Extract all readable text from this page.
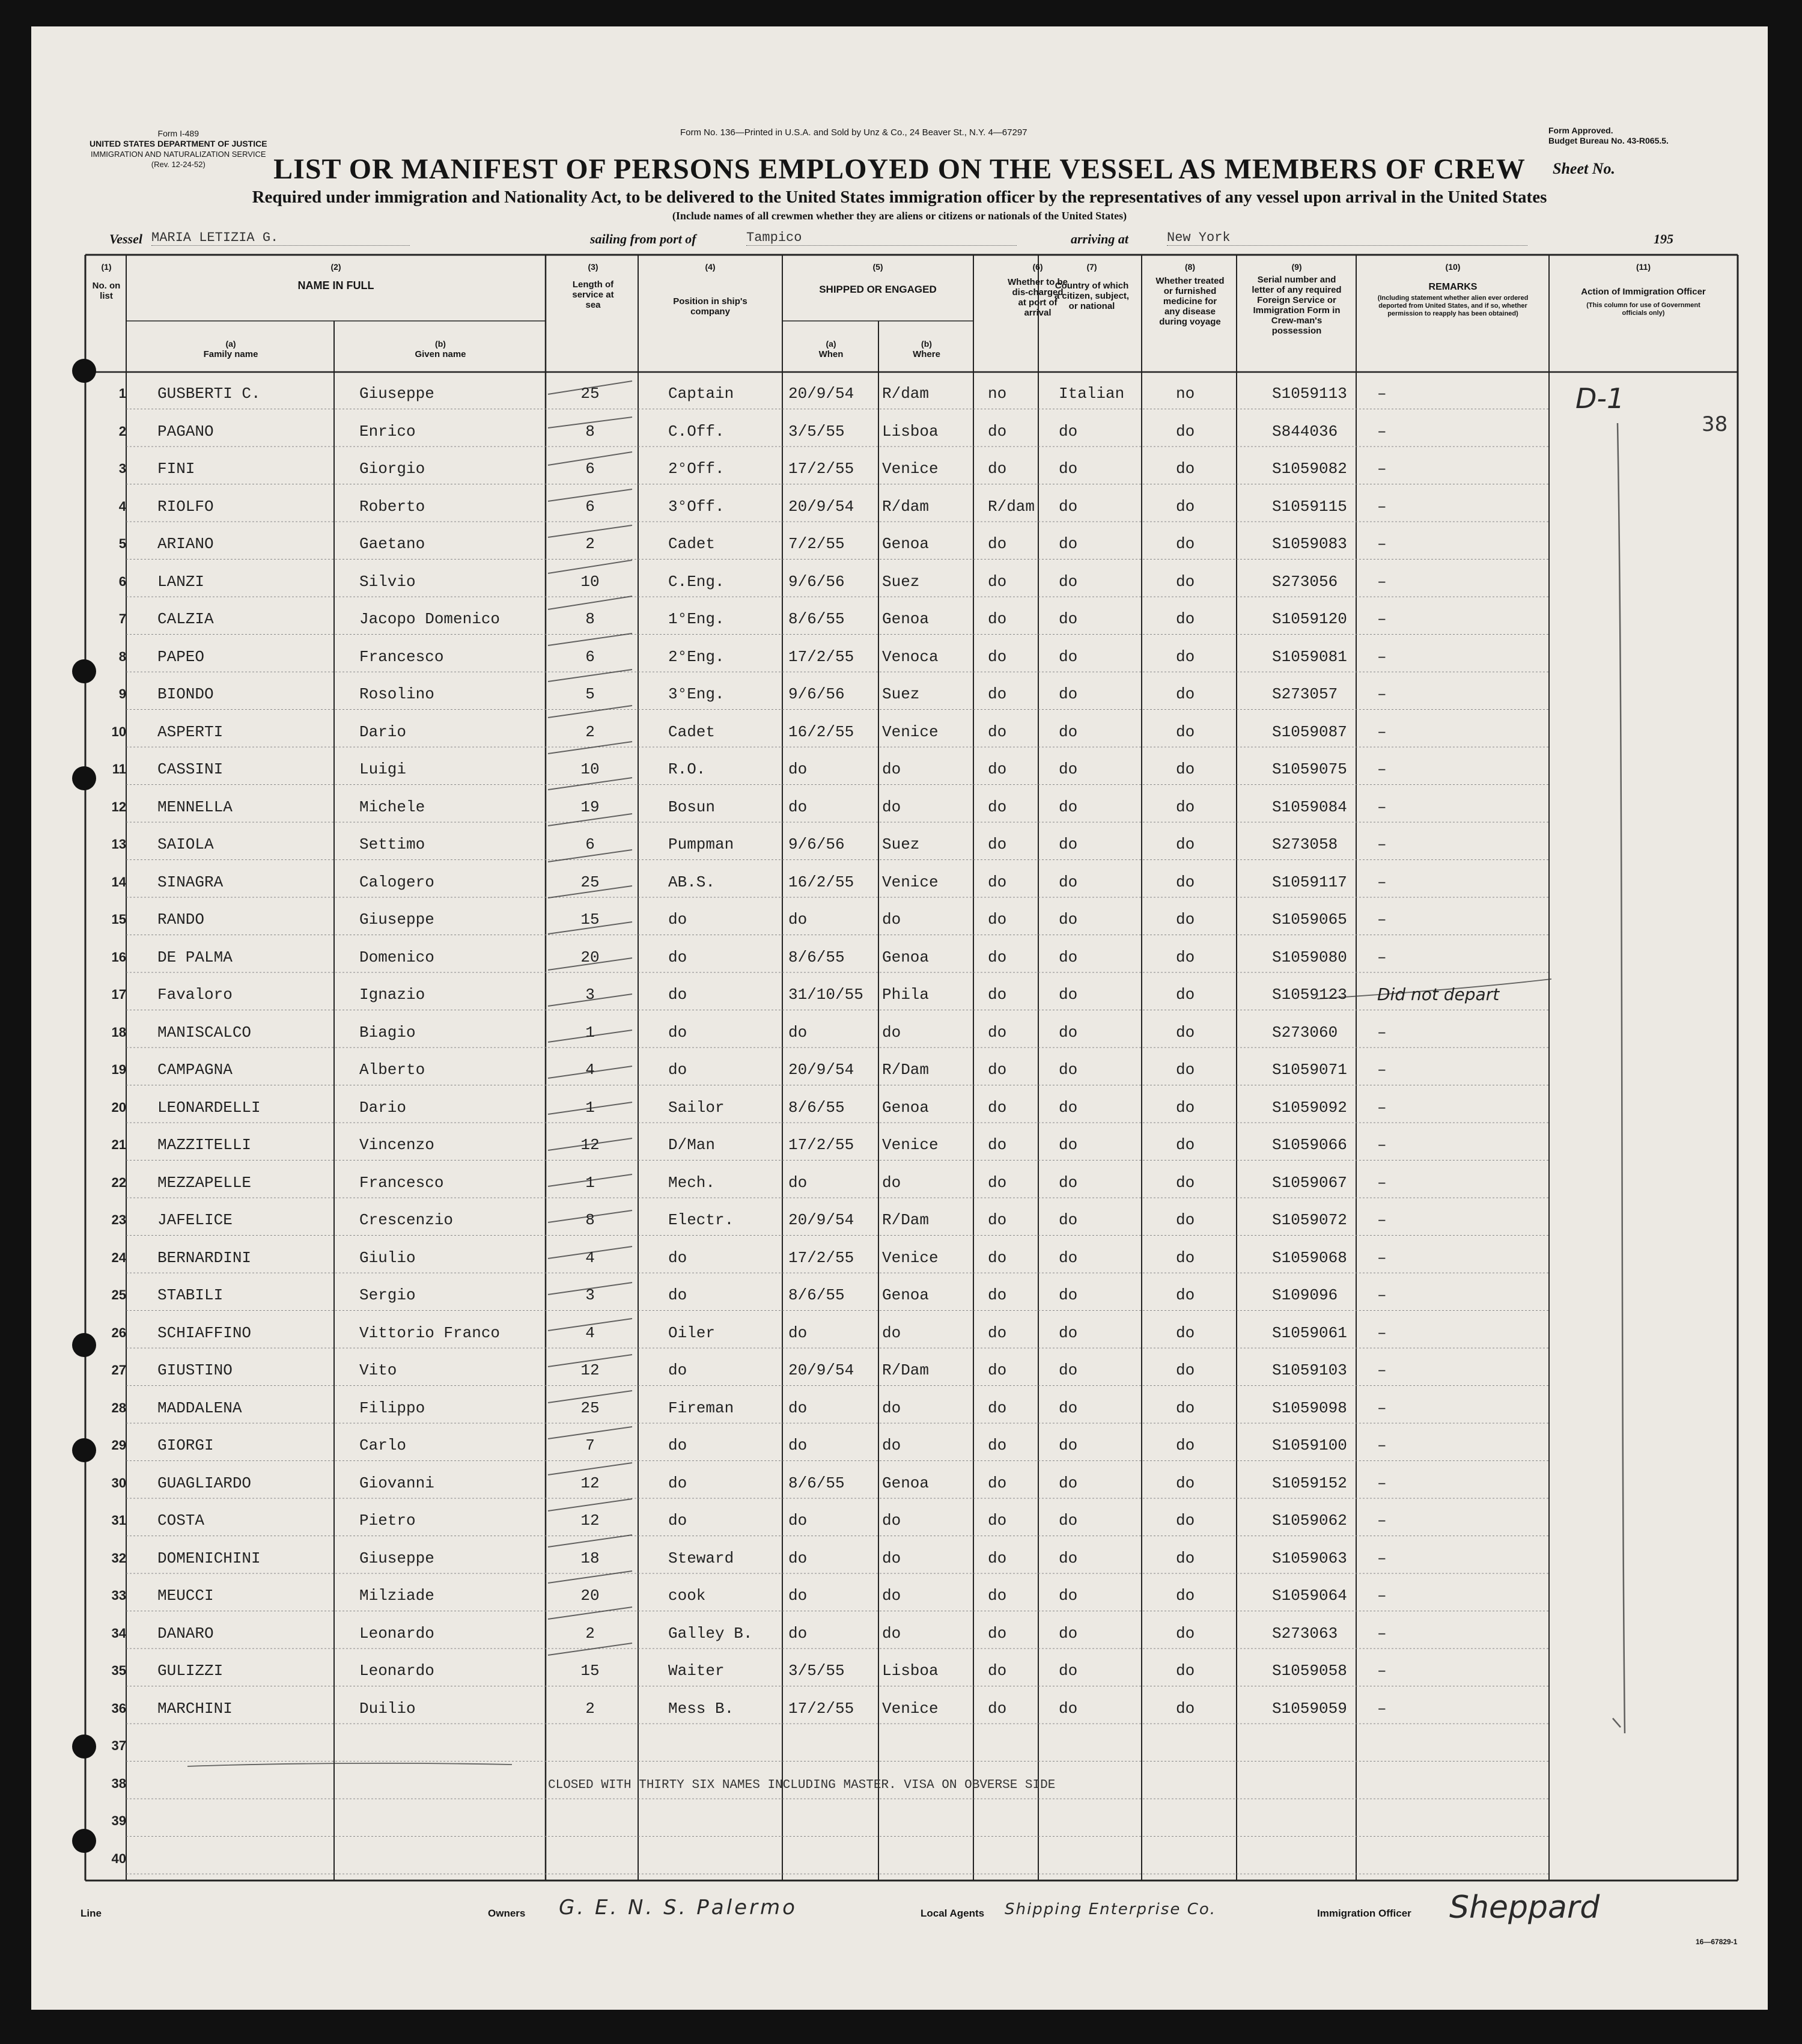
Form I-489
UNITED STATES DEPARTMENT OF JUSTICE
IMMIGRATION AND NATURALIZATION SERVICE
(Rev. 12-24-52)
Form No. 136—Printed in U.S.A. and Sold by Unz & Co., 24 Beaver St., N.Y. 4—67297	Form Approved.
Budget Bureau No. 43-R065.5.
LIST OR MANIFEST OF PERSONS EMPLOYED ON THE VESSEL AS MEMBERS OF CREW	Sheet No.
Required under immigration and Nationality Act, to be delivered to the United States immigration officer by the representatives of any vessel upon arrival in the United States
(Include names of all crewmen whether they are aliens or citizens or nationals of the United States)
Vessel MARIA LETIZIA G.	sailing from port of	Tampico	arriving at	New York	195
(1)
No. on list
(2)
NAME IN FULL
(a)
Family name
(b)
Given name
(3)
Length of service at sea
(4)
Position in ship's company
(5)
SHIPPED OR ENGAGED
(a)
When
(b)
Where
(6)
Whether to be dis-charged at port of arrival
(7)
Country of which a citizen, subject, or national
(8)
Whether treated or furnished medicine for any disease during voyage
(9)
Serial number and letter of any required Foreign Service or Immigration Form in Crew-man's possession
(10)
REMARKS
(Including statement whether alien ever ordered deported from United States, and if so, whether permission to reapply has been obtained)
(11)
Action of Immigration Officer
(This column for use of Government officials only)
1 GUSBERTI C.	Giuseppe	25	Captain	20/9/54 R/dam	no	Italian	no	S1059113 –
2 PAGANO	Enrico	8	C.Off.	3/5/55 Lisboa	do	do	do	S844036	–
3 FINI	Giorgio	6	2°Off.	17/2/55 Venice	do	do	do	S1059082 –
4 RIOLFO	Roberto	6	3°Off.	20/9/54 R/dam	R/dam do	do	S1059115 –
5 ARIANO	Gaetano	2	Cadet	7/2/55 Genoa	do	do	do	S1059083 –
6 LANZI	Silvio	10	C.Eng.	9/6/56 Suez	do	do	do	S273056	–
7 CALZIA	Jacopo Domenico	8	1°Eng.	8/6/55 Genoa	do	do	do	S1059120 –
8 PAPEO	Francesco	6	2°Eng.	17/2/55 Venoca	do	do	do	S1059081 –
9 BIONDO	Rosolino	5	3°Eng.	9/6/56 Suez	do	do	do	S273057	–
10 ASPERTI	Dario	2	Cadet	16/2/55 Venice	do	do	do	S1059087 –
11 CASSINI	Luigi	10	R.O.	do	do	do	do	do	S1059075 –
12 MENNELLA	Michele	19	Bosun	do	do	do	do	do	S1059084 –
13 SAIOLA	Settimo	6	Pumpman	9/6/56 Suez	do	do	do	S273058	–
14 SINAGRA	Calogero	25	AB.S.	16/2/55 Venice	do	do	do	S1059117 –
15 RANDO	Giuseppe	15	do	do	do	do	do	do	S1059065 –
16 DE PALMA	Domenico	20	do	8/6/55 Genoa	do	do	do	S1059080 –
17 Favaloro	Ignazio	3	do	31/10/55 Phila	do	do	do	S1059123 Did not depart
18 MANISCALCO	Biagio	1	do	do	do	do	do	do	S273060	–
19 CAMPAGNA	Alberto	4	do	20/9/54 R/Dam	do	do	do	S1059071 –
20 LEONARDELLI	Dario	1	Sailor	8/6/55 Genoa	do	do	do	S1059092 –
21 MAZZITELLI	Vincenzo	12	D/Man	17/2/55 Venice	do	do	do	S1059066 –
22 MEZZAPELLE	Francesco	1	Mech.	do	do	do	do	do	S1059067 –
23 JAFELICE	Crescenzio	8	Electr.	20/9/54 R/Dam	do	do	do	S1059072 –
24 BERNARDINI	Giulio	4	do	17/2/55 Venice	do	do	do	S1059068 –
25 STABILI	Sergio	3	do	8/6/55 Genoa	do	do	do	S109096	–
26 SCHIAFFINO	Vittorio Franco	4	Oiler	do	do	do	do	do	S1059061 –
27 GIUSTINO	Vito	12	do	20/9/54 R/Dam	do	do	do	S1059103 –
28 MADDALENA	Filippo	25	Fireman	do	do	do	do	do	S1059098 –
29 GIORGI	Carlo	7	do	do	do	do	do	do	S1059100 –
30 GUAGLIARDO	Giovanni	12	do	8/6/55 Genoa	do	do	do	S1059152 –
31 COSTA	Pietro	12	do	do	do	do	do	do	S1059062 –
32 DOMENICHINI	Giuseppe	18	Steward	do	do	do	do	do	S1059063 –
33 MEUCCI	Milziade	20	cook	do	do	do	do	do	S1059064 –
34 DANARO	Leonardo	2	Galley B. do	do	do	do	do	S273063	–
35 GULIZZI	Leonardo	15	Waiter	3/5/55 Lisboa	do	do	do	S1059058 –
36 MARCHINI	Duilio	2	Mess B.	17/2/55 Venice	do	do	do	S1059059 –
37
38
39
40
CLOSED WITH THIRTY SIX NAMES INCLUDING MASTER. VISA ON OBVERSE SIDE
D-1
38
Line	Owners G. E. N. S. Palermo	Local Agents Shipping Enterprise Co.	Immigration Officer Sheppard
16—67829-1
